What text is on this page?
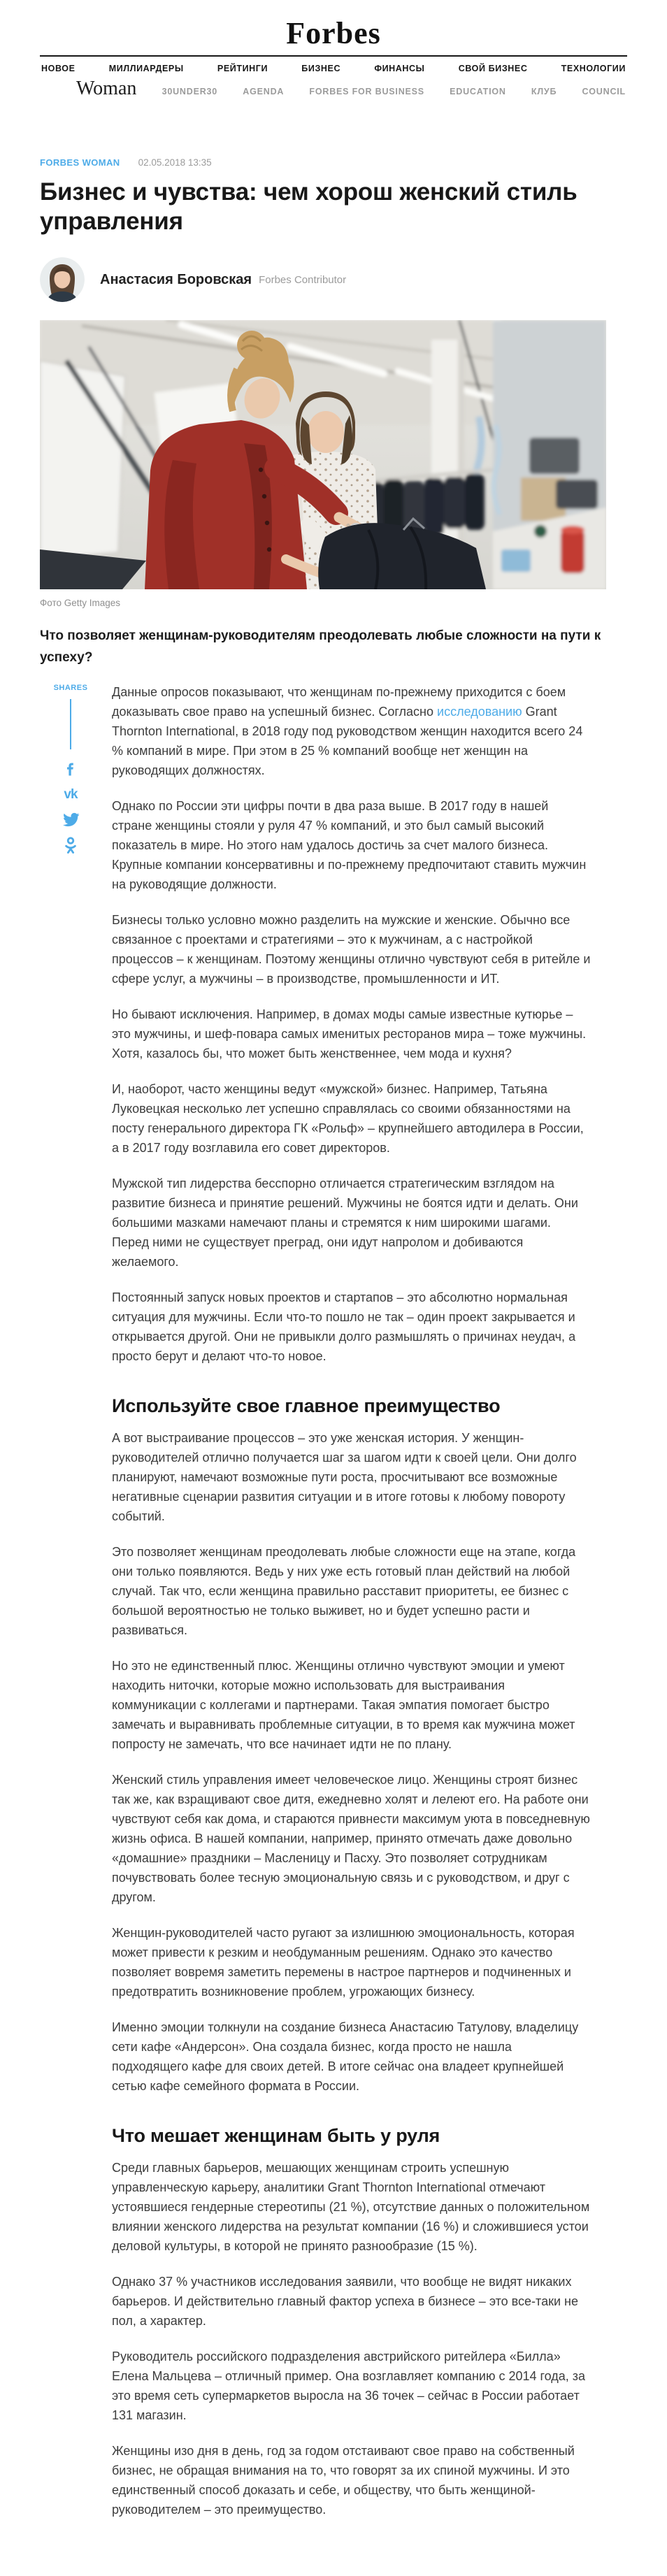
Forbes
НОВОЕ	МИЛЛИАРДЕРЫ	РЕЙТИНГИ	БИЗНЕС	ФИНАНСЫ	СВОЙ БИЗНЕС	ТЕХНОЛОГИИ
Woman	30UNDER30	AGENDA	FORBES FOR BUSINESS	EDUCATION	КЛУБ	COUNCIL
FORBES WOMAN 02.05.2018 13:35
Бизнес и чувства: чем хорош женский стиль управления
Анастасия Боровская Forbes Contributor
Фото Getty Images

Что позволяет женщинам-руководителям преодолевать любые сложности на пути к успеху?

SHARES
vk

Данные опросов показывают, что женщинам по-прежнему приходится с боем доказывать свое право на успешный бизнес. Согласно исследованию Grant Thornton International, в 2018 году под руководством женщин находится всего 24 % компаний в мире. При этом в 25 % компаний вообще нет женщин на руководящих должностях.

Однако по России эти цифры почти в два раза выше. В 2017 году в нашей стране женщины стояли у руля 47 % компаний, и это был самый высокий показатель в мире. Но этого нам удалось достичь за счет малого бизнеса. Крупные компании консервативны и по-прежнему предпочитают ставить мужчин на руководящие должности.

Бизнесы только условно можно разделить на мужские и женские. Обычно все связанное с проектами и стратегиями – это к мужчинам, а с настройкой процессов – к женщинам. Поэтому женщины отлично чувствуют себя в ритейле и сфере услуг, а мужчины – в производстве, промышленности и ИТ.

Но бывают исключения. Например, в домах моды самые известные кутюрье – это мужчины, и шеф-повара самых именитых ресторанов мира – тоже мужчины. Хотя, казалось бы, что может быть женственнее, чем мода и кухня?

И, наоборот, часто женщины ведут «мужской» бизнес. Например, Татьяна Луковецкая несколько лет успешно справлялась со своими обязанностями на посту генерального директора ГК «Рольф» – крупнейшего автодилера в России, а в 2017 году возглавила его совет директоров.

Мужской тип лидерства бесспорно отличается стратегическим взглядом на развитие бизнеса и принятие решений. Мужчины не боятся идти и делать. Они большими мазками намечают планы и стремятся к ним широкими шагами. Перед ними не существует преград, они идут напролом и добиваются желаемого.

Постоянный запуск новых проектов и стартапов – это абсолютно нормальная ситуация для мужчины. Если что-то пошло не так – один проект закрывается и открывается другой. Они не привыкли долго размышлять о причинах неудач, а просто берут и делают что-то новое.

Используйте свое главное преимущество

А вот выстраивание процессов – это уже женская история. У женщин-руководителей отлично получается шаг за шагом идти к своей цели. Они долго планируют, намечают возможные пути роста, просчитывают все возможные негативные сценарии развития ситуации и в итоге готовы к любому повороту событий.

Это позволяет женщинам преодолевать любые сложности еще на этапе, когда они только появляются. Ведь у них уже есть готовый план действий на любой случай. Так что, если женщина правильно расставит приоритеты, ее бизнес с большой вероятностью не только выживет, но и будет успешно расти и развиваться.

Но это не единственный плюс. Женщины отлично чувствуют эмоции и умеют находить ниточки, которые можно использовать для выстраивания коммуникации с коллегами и партнерами. Такая эмпатия помогает быстро замечать и выравнивать проблемные ситуации, в то время как мужчина может попросту не замечать, что все начинает идти не по плану.

Женский стиль управления имеет человеческое лицо. Женщины строят бизнес так же, как взращивают свое дитя, ежедневно холят и лелеют его. На работе они чувствуют себя как дома, и стараются привнести максимум уюта в повседневную жизнь офиса. В нашей компании, например, принято отмечать даже довольно «домашние» праздники – Масленицу и Пасху. Это позволяет сотрудникам почувствовать более тесную эмоциональную связь и с руководством, и друг с другом.

Женщин-руководителей часто ругают за излишнюю эмоциональность, которая может привести к резким и необдуманным решениям. Однако это качество позволяет вовремя заметить перемены в настрое партнеров и подчиненных и предотвратить возникновение проблем, угрожающих бизнесу.

Именно эмоции толкнули на создание бизнеса Анастасию Татулову, владелицу сети кафе «Андерсон». Она создала бизнес, когда просто не нашла подходящего кафе для своих детей. В итоге сейчас она владеет крупнейшей сетью кафе семейного формата в России.

Что мешает женщинам быть у руля

Среди главных барьеров, мешающих женщинам строить успешную управленческую карьеру, аналитики Grant Thornton International отмечают устоявшиеся гендерные стереотипы (21 %), отсутствие данных о положительном влиянии женского лидерства на результат компании (16 %) и сложившиеся устои деловой культуры, в которой не принято разнообразие (15 %).

Однако 37 % участников исследования заявили, что вообще не видят никаких барьеров. И действительно главный фактор успеха в бизнесе – это все-таки не пол, а характер.

Руководитель российского подразделения австрийского ритейлера «Билла» Елена Мальцева – отличный пример. Она возглавляет компанию с 2014 года, за это время сеть супермаркетов выросла на 36 точек – сейчас в России работает 131 магазин.

Женщины изо дня в день, год за годом отстаивают свое право на собственный бизнес, не обращая внимания на то, что говорят за их спиной мужчины. И это единственный способ доказать и себе, и обществу, что быть женщиной-руководителем – это преимущество.
